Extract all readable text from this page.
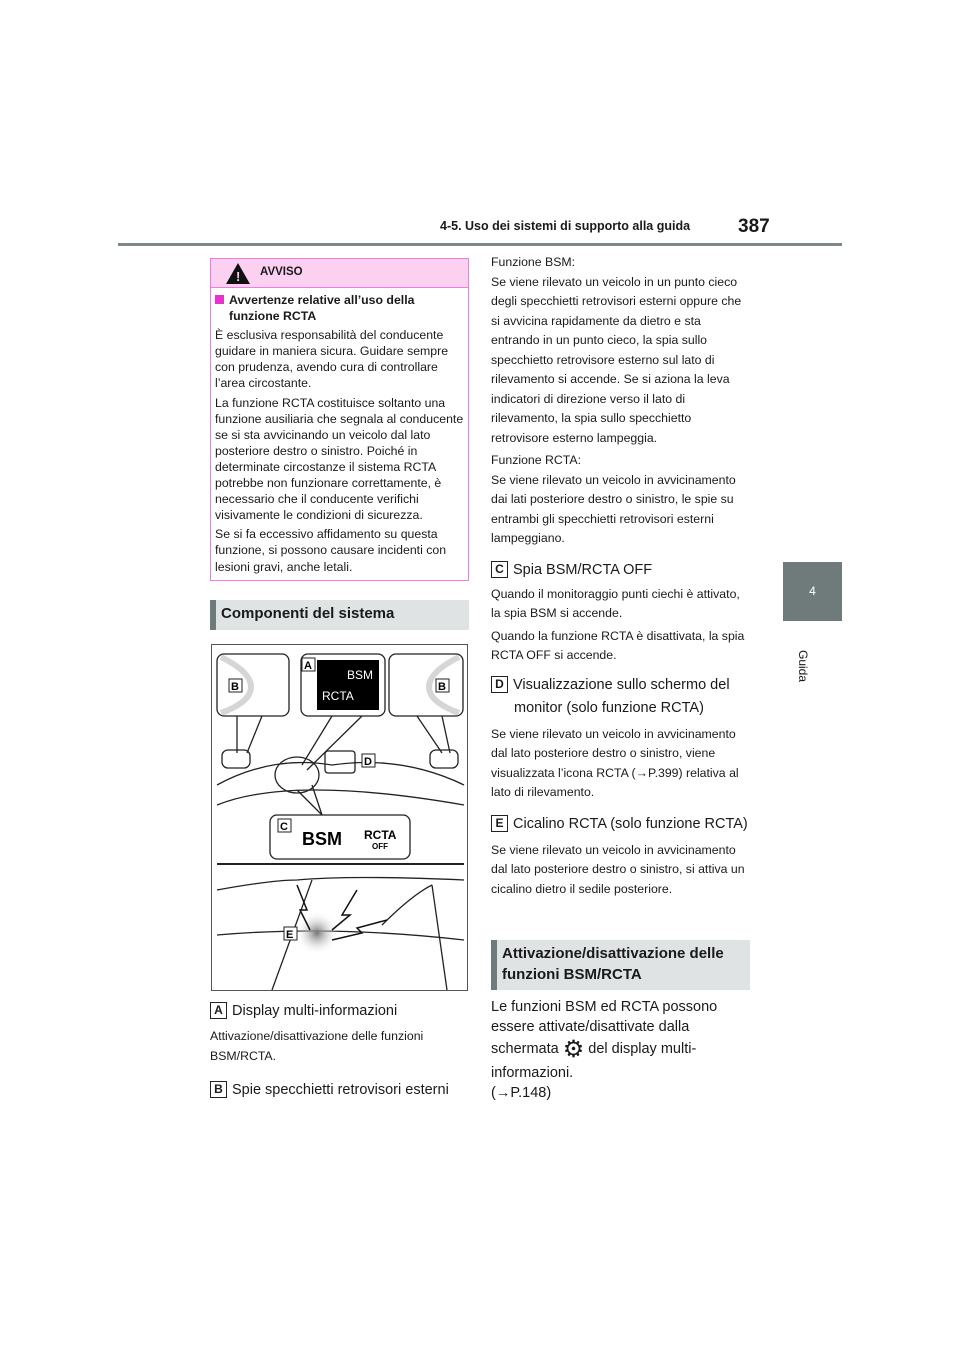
4-5. Uso dei sistemi di supporto alla guida	387
4
Guida
! AVVISO

Avvertenze relative all’uso della funzione RCTA

È esclusiva responsabilità del conducente guidare in maniera sicura. Guidare sempre con prudenza, avendo cura di controllare l’area circostante.

La funzione RCTA costituisce soltanto una funzione ausiliaria che segnala al conducente se si sta avvicinando un veicolo dal lato posteriore destro o sinistro. Poiché in determinate circostanze il sistema RCTA potrebbe non funzionare correttamente, è necessario che il conducente verifichi visivamente le condizioni di sicurezza.

Se si fa eccessivo affidamento su questa funzione, si possono causare incidenti con lesioni gravi, anche letali.

Componenti del sistema
BSM
RCTA
BSM RCTA
OFF
A
B	B
C
D
E
A Display multi-informazioni
Attivazione/disattivazione delle funzioni BSM/RCTA.
B Spie specchietti retrovisori esterni
Funzione BSM:
Se viene rilevato un veicolo in un punto cieco degli specchietti retrovisori esterni oppure che si avvicina rapidamente da dietro e sta entrando in un punto cieco, la spia sullo specchietto retrovisore esterno sul lato di rilevamento si accende. Se si aziona la leva indicatori di direzione verso il lato di rilevamento, la spia sullo specchietto retrovisore esterno lampeggia.
Funzione RCTA:
Se viene rilevato un veicolo in avvicinamento dai lati posteriore destro o sinistro, le spie su entrambi gli specchietti retrovisori esterni lampeggiano.
C Spia BSM/RCTA OFF
Quando il monitoraggio punti ciechi è attivato, la spia BSM si accende.
Quando la funzione RCTA è disattivata, la spia RCTA OFF si accende.
D Visualizzazione sullo schermo del monitor (solo funzione RCTA)
Se viene rilevato un veicolo in avvicinamento dal lato posteriore destro o sinistro, viene visualizzata l’icona RCTA (→P.399) relativa al lato di rilevamento.
E Cicalino RCTA (solo funzione RCTA)
Se viene rilevato un veicolo in avvicinamento dal lato posteriore destro o sinistro, si attiva un cicalino dietro il sedile posteriore.
Attivazione/disattivazione delle funzioni BSM/RCTA
Le funzioni BSM ed RCTA possono essere attivate/disattivate dalla schermata ⚙ del display multi-informazioni.
(→P.148)
